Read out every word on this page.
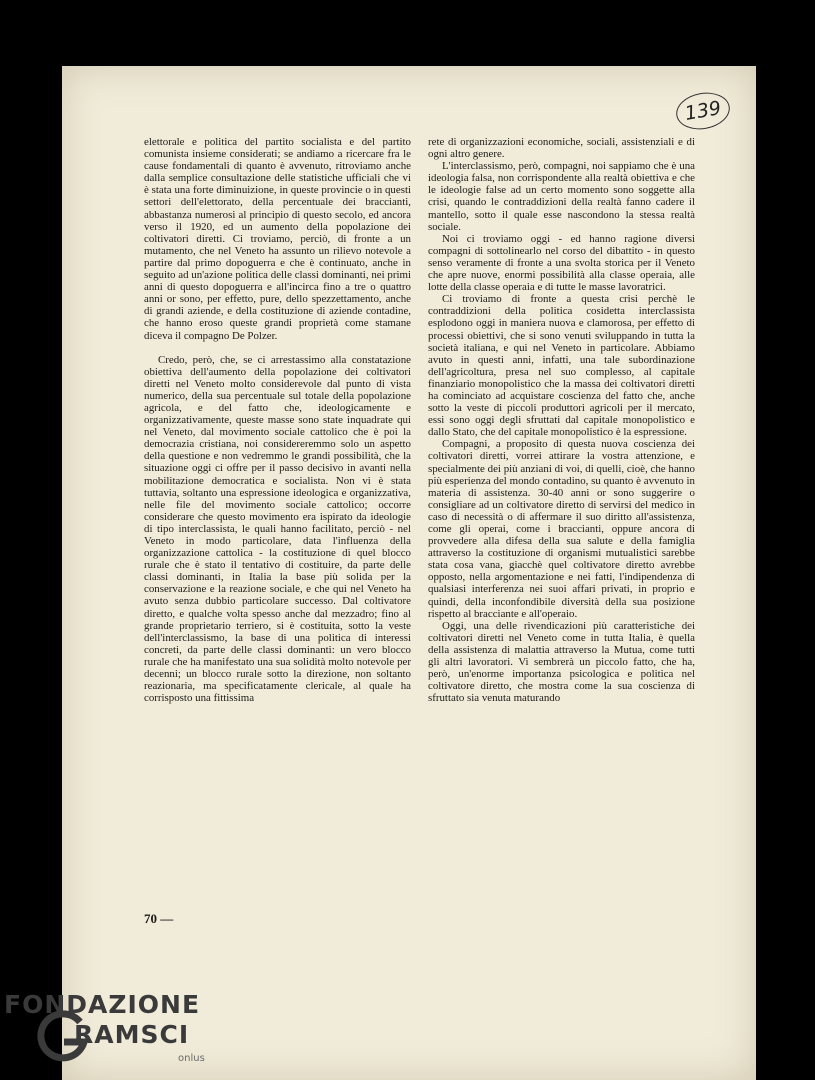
139

elettorale e politica del partito socialista e del partito comunista insieme considerati; se andiamo a ricercare fra le cause fondamentali di quanto è avvenuto, ritroviamo anche dalla semplice consultazione delle statistiche ufficiali che vi è stata una forte diminuizione, in queste provincie o in questi settori dell'elettorato, della percentuale dei braccianti, abbastanza numerosi al principio di questo secolo, ed ancora verso il 1920, ed un aumento della popolazione dei coltivatori diretti. Ci troviamo, perciò, di fronte a un mutamento, che nel Veneto ha assunto un rilievo notevole a partire dal primo dopoguerra e che è continuato, anche in seguito ad un'azione politica delle classi dominanti, nei primi anni di questo dopoguerra e all'incirca fino a tre o quattro anni or sono, per effetto, pure, dello spezzettamento, anche di grandi aziende, e della costituzione di aziende contadine, che hanno eroso queste grandi proprietà come stamane diceva il compagno De Polzer.

Credo, però, che, se ci arrestassimo alla constatazione obiettiva dell'aumento della popolazione dei coltivatori diretti nel Veneto molto considerevole dal punto di vista numerico, della sua percentuale sul totale della popolazione agricola, e del fatto che, ideologicamente e organizzativamente, queste masse sono state inquadrate qui nel Veneto, dal movimento sociale cattolico che è poi la democrazia cristiana, noi considereremmo solo un aspetto della questione e non vedremmo le grandi possibilità, che la situazione oggi ci offre per il passo decisivo in avanti nella mobilitazione democratica e socialista. Non vi è stata tuttavia, soltanto una espressione ideologica e organizzativa, nelle file del movimento sociale cattolico; occorre considerare che questo movimento era ispirato da ideologie di tipo interclassista, le quali hanno facilitato, perciò - nel Veneto in modo particolare, data l'influenza della organizzazione cattolica - la costituzione di quel blocco rurale che è stato il tentativo di costituire, da parte delle classi dominanti, in Italia la base più solida per la conservazione e la reazione sociale, e che qui nel Veneto ha avuto senza dubbio particolare successo. Dal coltivatore diretto, e qualche volta spesso anche dal mezzadro; fino al grande proprietario terriero, si è costituita, sotto la veste dell'interclassismo, la base di una politica di interessi concreti, da parte delle classi dominanti: un vero blocco rurale che ha manifestato una sua solidità molto notevole per decenni; un blocco rurale sotto la direzione, non soltanto reazionaria, ma specificatamente clericale, al quale ha corrisposto una fittissima

rete di organizzazioni economiche, sociali, assistenziali e di ogni altro genere.

L'interclassismo, però, compagni, noi sappiamo che è una ideologia falsa, non corrispondente alla realtà obiettiva e che le ideologie false ad un certo momento sono soggette alla crisi, quando le contraddizioni della realtà fanno cadere il mantello, sotto il quale esse nascondono la stessa realtà sociale.

Noi ci troviamo oggi - ed hanno ragione diversi compagni di sottolinearlo nel corso del dibattito - in questo senso veramente di fronte a una svolta storica per il Veneto che apre nuove, enormi possibilità alla classe operaia, alle lotte della classe operaia e di tutte le masse lavoratrici.

Ci troviamo di fronte a questa crisi perchè le contraddizioni della politica cosidetta interclassista esplodono oggi in maniera nuova e clamorosa, per effetto di processi obiettivi, che si sono venuti sviluppando in tutta la società italiana, e qui nel Veneto in particolare. Abbiamo avuto in questi anni, infatti, una tale subordinazione dell'agricoltura, presa nel suo complesso, al capitale finanziario monopolistico che la massa dei coltivatori diretti ha cominciato ad acquistare coscienza del fatto che, anche sotto la veste di piccoli produttori agricoli per il mercato, essi sono oggi degli sfruttati dal capitale monopolistico e dallo Stato, che del capitale monopolistico è la espressione.

Compagni, a proposito di questa nuova coscienza dei coltivatori diretti, vorrei attirare la vostra attenzione, e specialmente dei più anziani di voi, di quelli, cioè, che hanno più esperienza del mondo contadino, su quanto è avvenuto in materia di assistenza. 30-40 anni or sono suggerire o consigliare ad un coltivatore diretto di servirsi del medico in caso di necessità o di affermare il suo diritto all'assistenza, come gli operai, come i braccianti, oppure ancora di provvedere alla difesa della sua salute e della famiglia attraverso la costituzione di organismi mutualistici sarebbe stata cosa vana, giacchè quel coltivatore diretto avrebbe opposto, nella argomentazione e nei fatti, l'indipendenza di qualsiasi interferenza nei suoi affari privati, in proprio e quindi, della inconfondibile diversità della sua posizione rispetto al bracciante e all'operaio.

Oggi, una delle rivendicazioni più caratteristiche dei coltivatori diretti nel Veneto come in tutta Italia, è quella della assistenza di malattia attraverso la Mutua, come tutti gli altri lavoratori. Vi sembrerà un piccolo fatto, che ha, però, un'enorme importanza psicologica e politica nel coltivatore diretto, che mostra come la sua coscienza di sfruttato sia venuta maturando

70 —
FONDAZIONE
RAMSCI
onlus
